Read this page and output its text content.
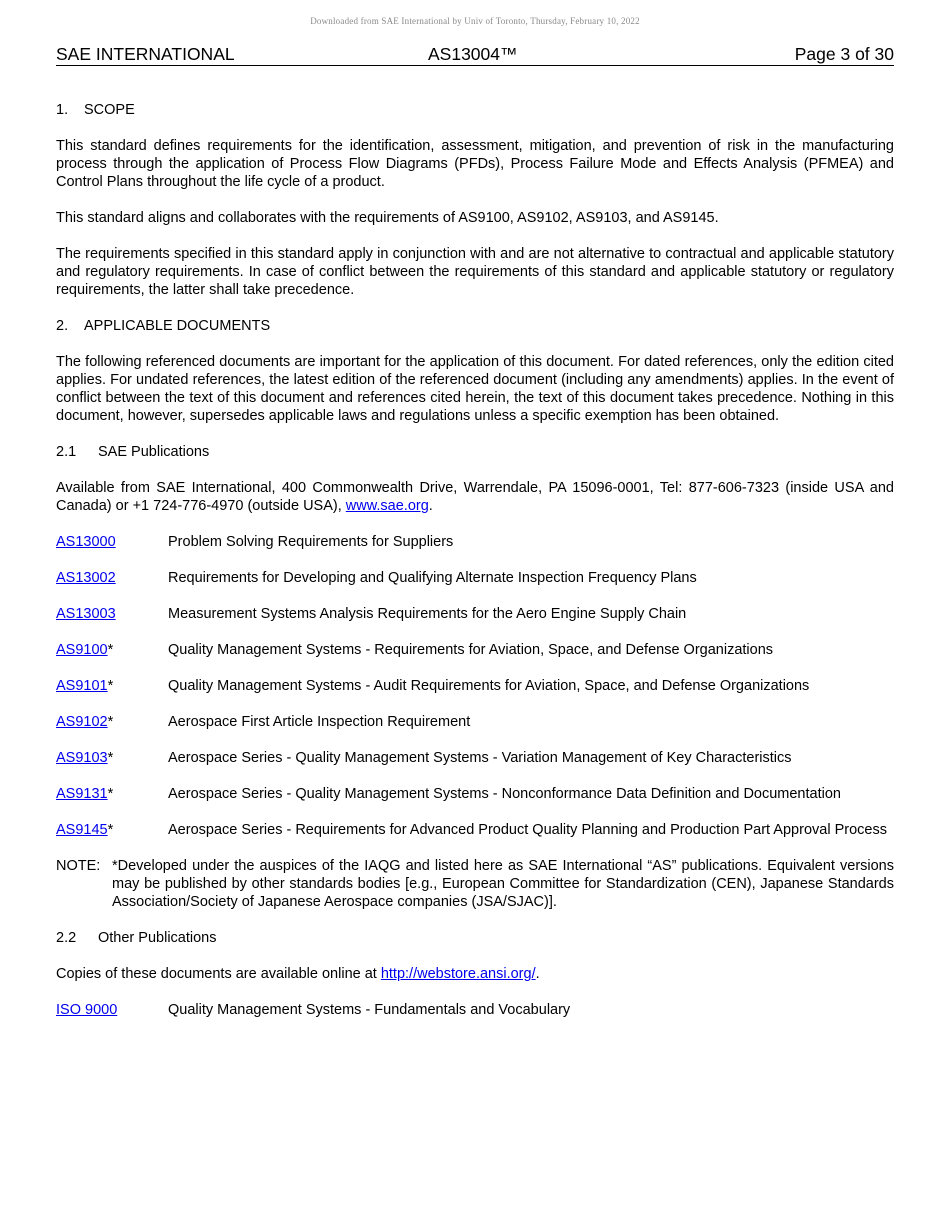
Downloaded from SAE International by Univ of Toronto, Thursday, February 10, 2022
SAE INTERNATIONAL	AS13004™	Page 3 of 30
1. SCOPE

This standard defines requirements for the identification, assessment, mitigation, and prevention of risk in the manufacturing process through the application of Process Flow Diagrams (PFDs), Process Failure Mode and Effects Analysis (PFMEA) and Control Plans throughout the life cycle of a product.

This standard aligns and collaborates with the requirements of AS9100, AS9102, AS9103, and AS9145.

The requirements specified in this standard apply in conjunction with and are not alternative to contractual and applicable statutory and regulatory requirements. In case of conflict between the requirements of this standard and applicable statutory or regulatory requirements, the latter shall take precedence.

2. APPLICABLE DOCUMENTS

The following referenced documents are important for the application of this document. For dated references, only the edition cited applies. For undated references, the latest edition of the referenced document (including any amendments) applies. In the event of conflict between the text of this document and references cited herein, the text of this document takes precedence. Nothing in this document, however, supersedes applicable laws and regulations unless a specific exemption has been obtained.

2.1 SAE Publications

Available from SAE International, 400 Commonwealth Drive, Warrendale, PA 15096-0001, Tel: 877-606-7323 (inside USA and Canada) or +1 724-776-4970 (outside USA), www.sae.org.

AS13000	Problem Solving Requirements for Suppliers
AS13002	Requirements for Developing and Qualifying Alternate Inspection Frequency Plans
AS13003	Measurement Systems Analysis Requirements for the Aero Engine Supply Chain
AS9100*	Quality Management Systems - Requirements for Aviation, Space, and Defense Organizations
AS9101*	Quality Management Systems - Audit Requirements for Aviation, Space, and Defense Organizations
AS9102*	Aerospace First Article Inspection Requirement
AS9103*	Aerospace Series - Quality Management Systems - Variation Management of Key Characteristics
AS9131*	Aerospace Series - Quality Management Systems - Nonconformance Data Definition and Documentation
AS9145*	Aerospace Series - Requirements for Advanced Product Quality Planning and Production Part Approval Process
NOTE: *Developed under the auspices of the IAQG and listed here as SAE International “AS” publications. Equivalent versions may be published by other standards bodies [e.g., European Committee for Standardization (CEN), Japanese Standards Association/Society of Japanese Aerospace companies (JSA/SJAC)].
2.2 Other Publications

Copies of these documents are available online at http://webstore.ansi.org/.

ISO 9000	Quality Management Systems - Fundamentals and Vocabulary
